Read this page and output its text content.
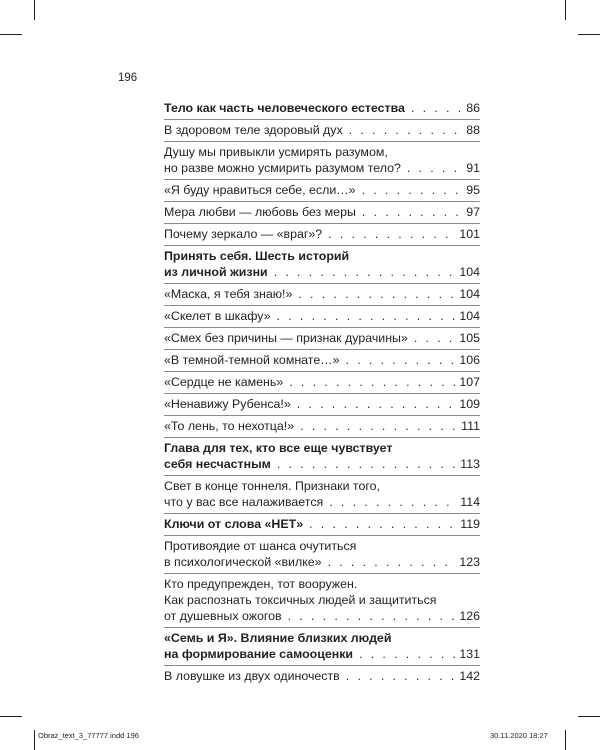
196
Тело как часть человеческого естества . . .	86
В здоровом теле здоровый дух . . .	88
Душу мы привыкли усмирять разумом,
но разве можно усмирить разумом тело? . . .	91
«Я буду нравиться себе, если…» . . .	95
Мера любви — любовь без меры . . .	97
Почему зеркало — «враг»? . . .	101
Принять себя. Шесть историй
из личной жизни . . .	104
«Маска, я тебя знаю!» . . .	104
«Скелет в шкафу» . . .	104
«Смех без причины — признак дурачины» . . .	105
«В темной-темной комнате…» . . .	106
«Сердце не камень» . . .	107
«Ненавижу Рубенса!» . . .	109
«То лень, то нехотца!» . . .	111
Глава для тех, кто все еще чувствует
себя несчастным . . .	113
Свет в конце тоннеля. Признаки того,
что у вас все налаживается . . .	114
Ключи от слова «НЕТ» . . .	119
Противоядие от шанса очутиться
в психологической «вилке» . . .	123
Кто предупрежден, тот вооружен.
Как распознать токсичных людей и защититься
от душевных ожогов . . .	126
«Семь и Я». Влияние близких людей
на формирование самооценки . . .	131
В ловушке из двух одиночеств . . .	142
Obraz_text_3_77777.indd 196	30.11.2020 18:27
